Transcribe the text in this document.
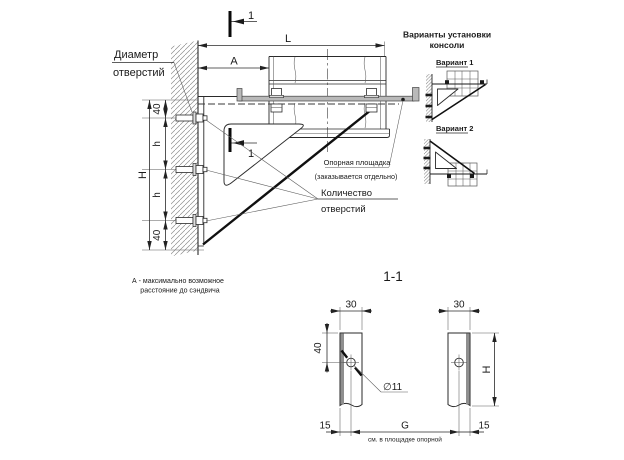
1
1
L
А
40
h
h
40
H
Диаметр
отверстий
Количество
отверстий
Опорная площадка
(заказывается отдельно)
А - максимально возможное
расстояние до сэндвича
Варианты установки
консоли
Вариант 1
Вариант 2
1-1
30	30
40
H
∅11
15	G	15
см. в площадке опорной
